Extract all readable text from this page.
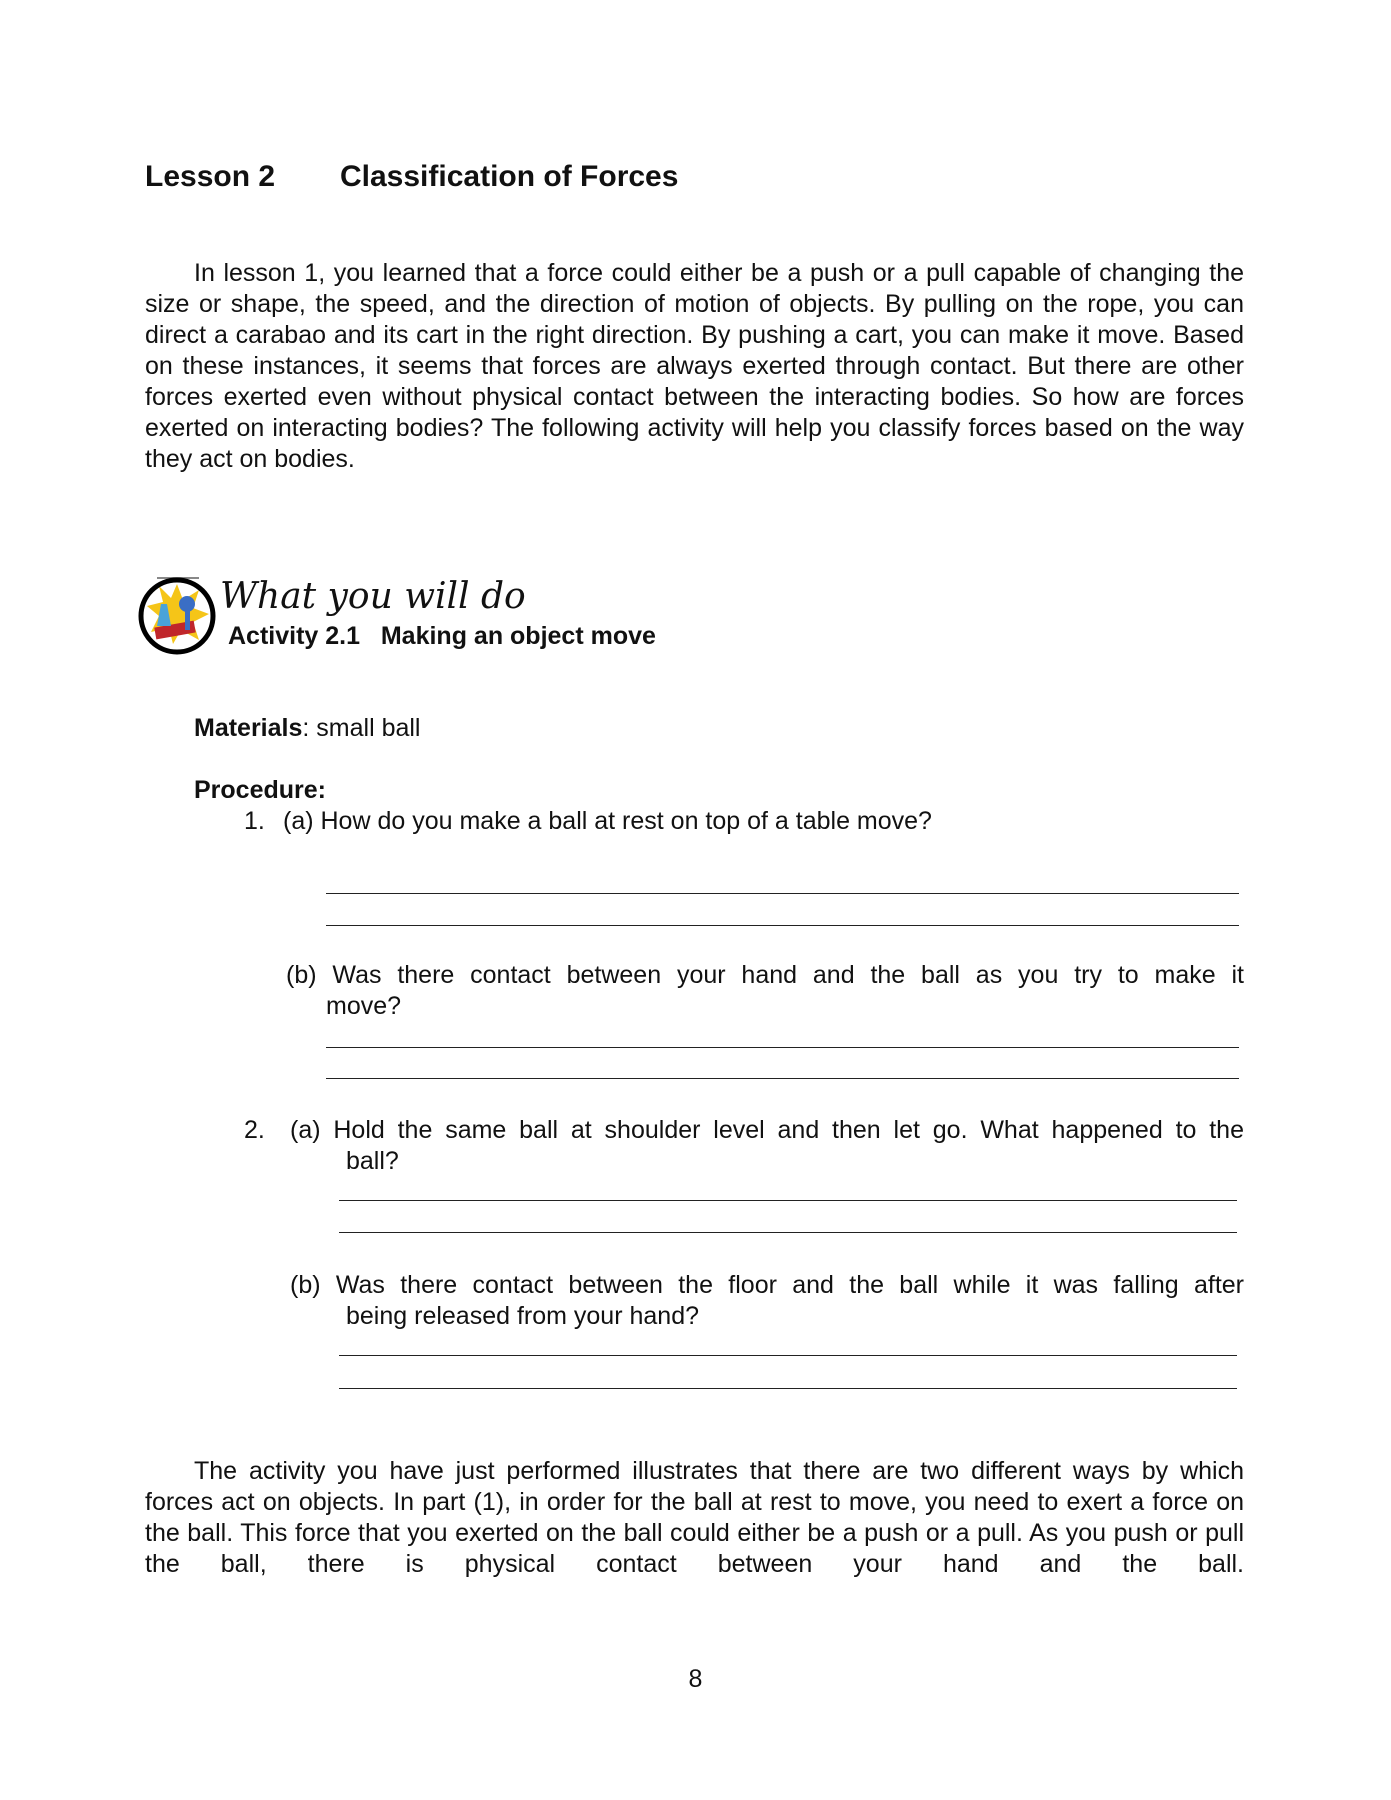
Lesson 2 Classification of Forces
In lesson 1, you learned that a force could either be a push or a pull capable of changing the size or shape, the speed, and the direction of motion of objects. By pulling on the rope, you can direct a carabao and its cart in the right direction. By pushing a cart, you can make it move. Based on these instances, it seems that forces are always exerted through contact. But there are other forces exerted even without physical contact between the interacting bodies. So how are forces exerted on interacting bodies? The following activity will help you classify forces based on the way they act on bodies.
What you will do
Activity 2.1   Making an object move
Materials: small ball
Procedure:
1. (a) How do you make a ball at rest on top of a table move?
(b) Was there contact between your hand and the ball as you try to make it
move?
2. (a) Hold the same ball at shoulder level and then let go. What happened to the
ball?
(b) Was there contact between the floor and the ball while it was falling after
being released from your hand?
The activity you have just performed illustrates that there are two different ways by which forces act on objects. In part (1), in order for the ball at rest to move, you need to exert a force on the ball. This force that you exerted on the ball could either be a push or a pull. As you push or pull the ball, there is physical contact between your hand and the ball.
8
